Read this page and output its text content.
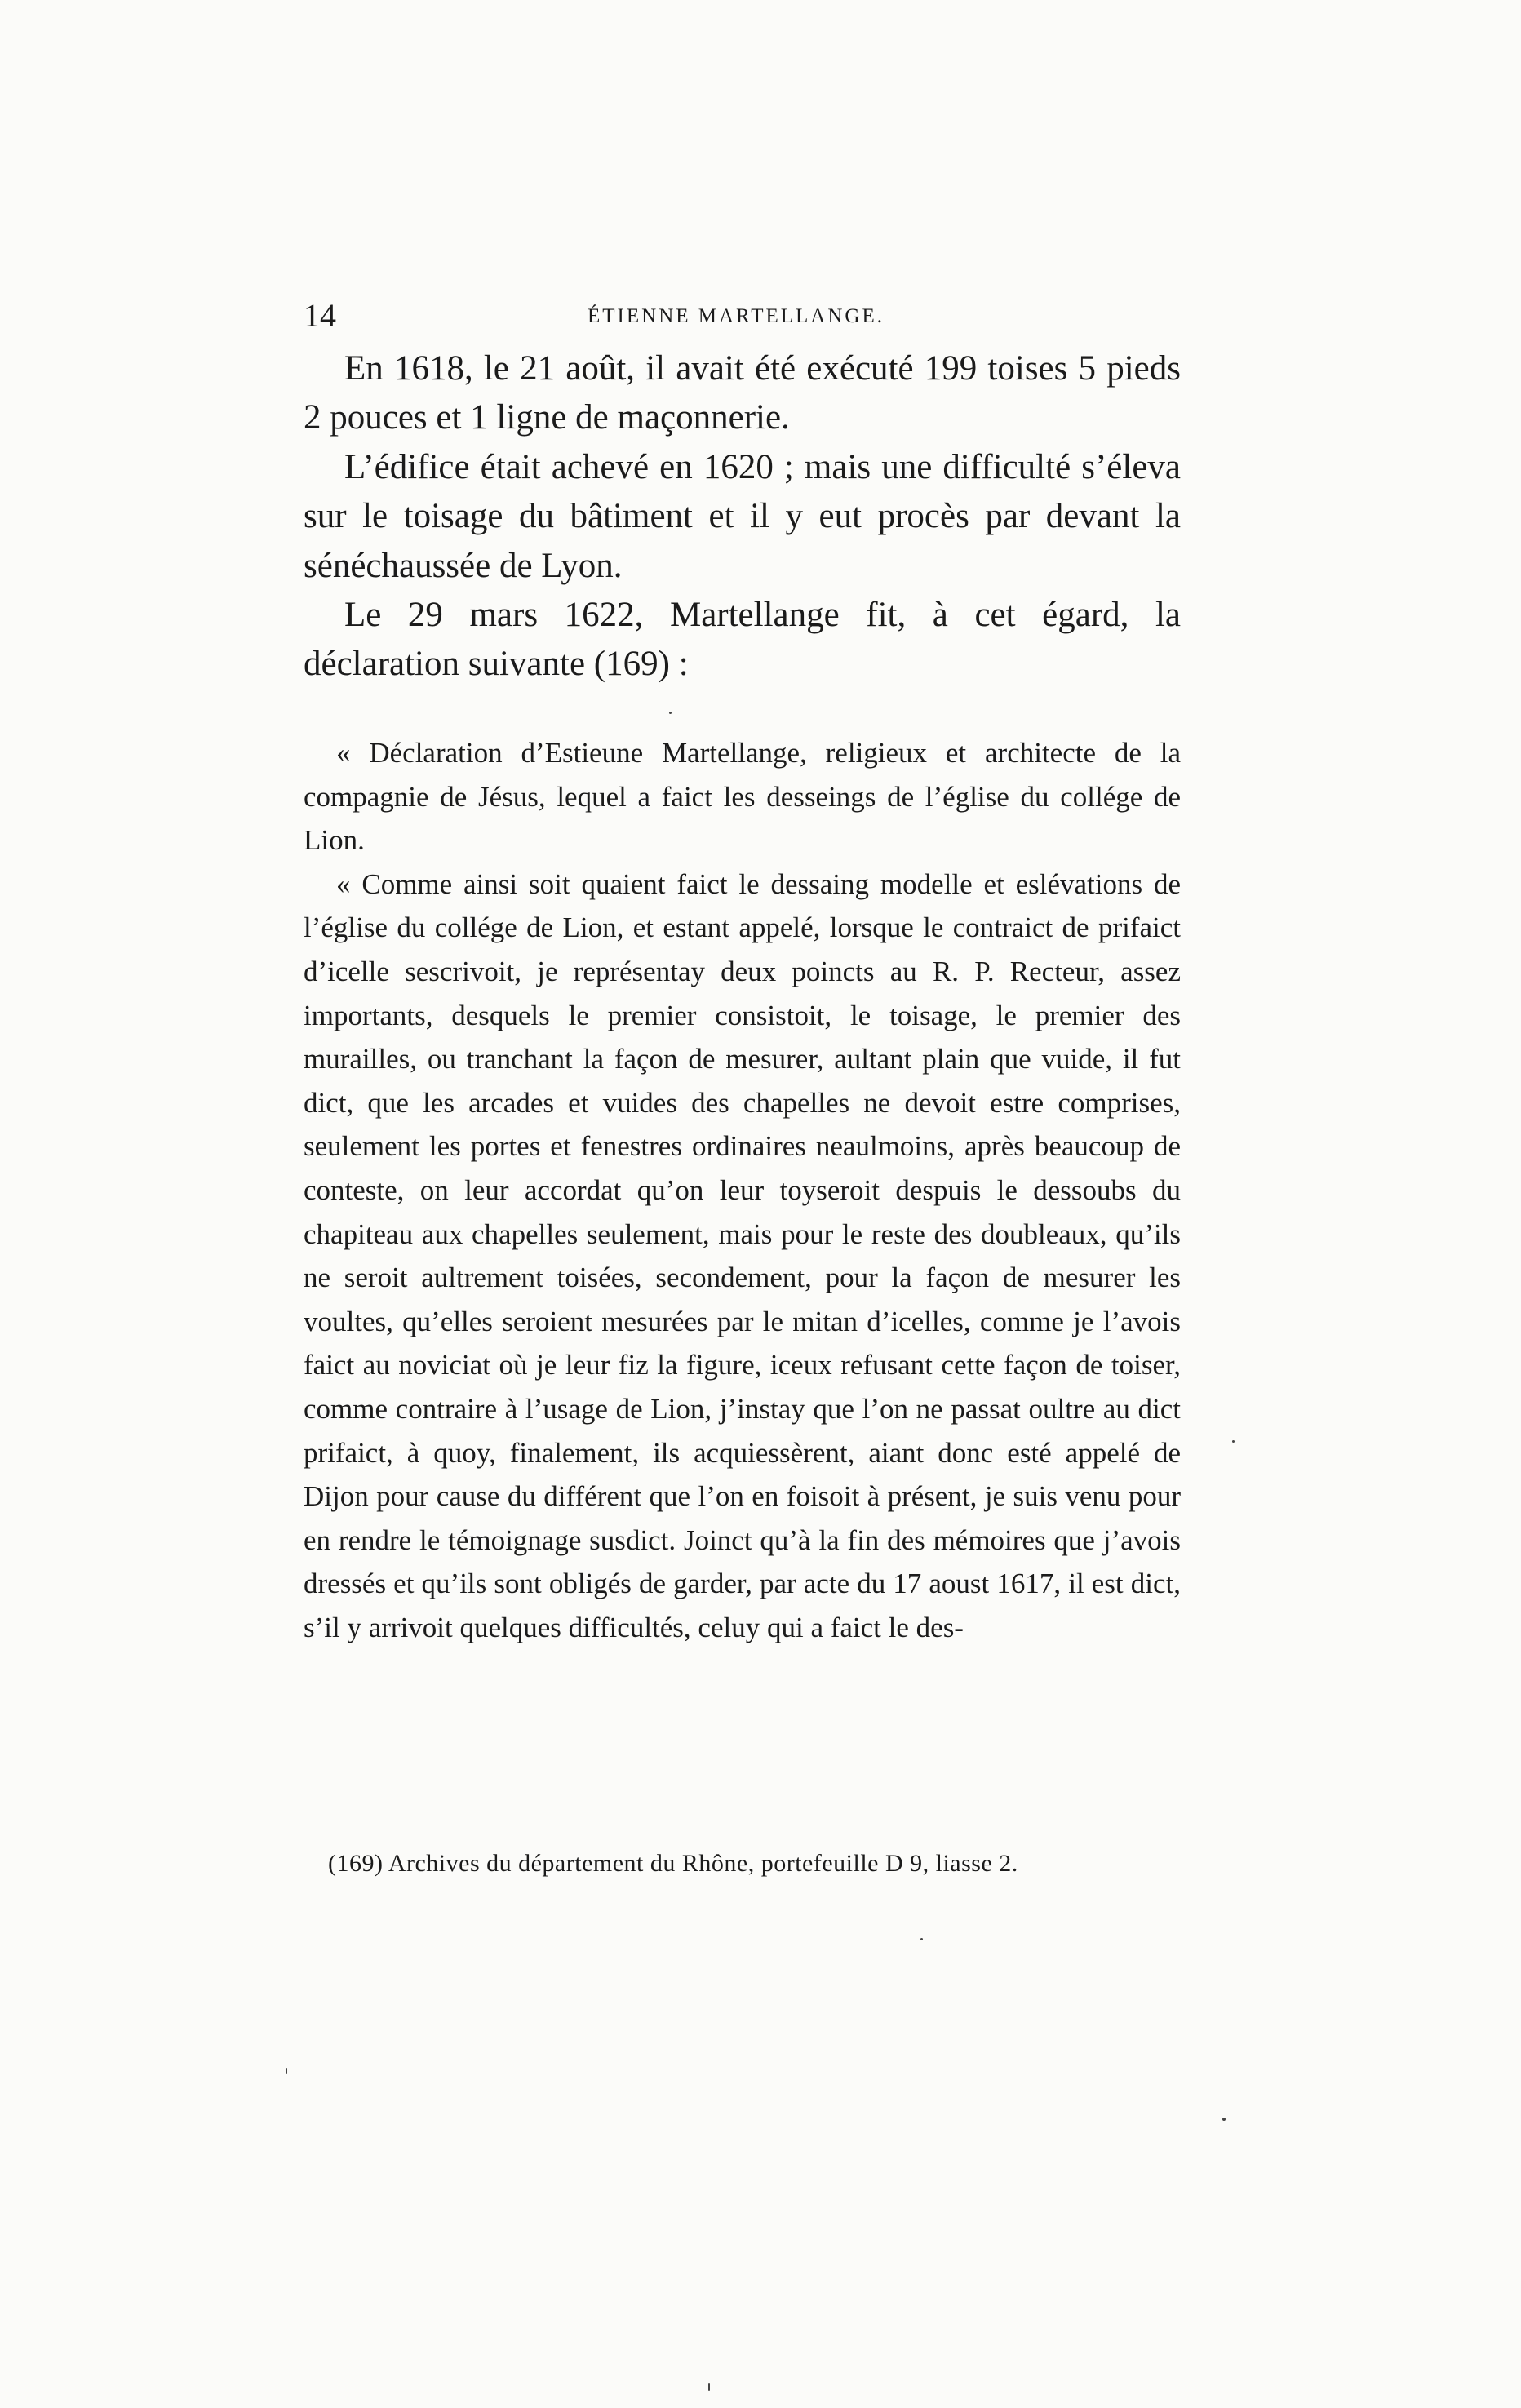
14	ÉTIENNE MARTELLANGE.

En 1618, le 21 août, il avait été exécuté 199 toises 5 pieds 2 pouces et 1 ligne de maçonnerie.

L’édifice était achevé en 1620 ; mais une difficulté s’éleva sur le toisage du bâtiment et il y eut procès par devant la sénéchaussée de Lyon.

Le 29 mars 1622, Martellange fit, à cet égard, la déclaration suivante (169) :

« Déclaration d’Estieune Martellange, religieux et architecte de la compagnie de Jésus, lequel a faict les desseings de l’église du collége de Lion.

« Comme ainsi soit quaient faict le dessaing modelle et eslévations de l’église du collége de Lion, et estant appelé, lorsque le contraict de prifaict d’icelle sescrivoit, je représentay deux poincts au R. P. Recteur, assez importants, desquels le premier consistoit, le toisage, le premier des murailles, ou tranchant la façon de mesurer, aultant plain que vuide, il fut dict, que les arcades et vuides des chapelles ne devoit estre comprises, seulement les portes et fenestres ordinaires neaulmoins, après beaucoup de conteste, on leur accordat qu’on leur toyseroit despuis le dessoubs du chapiteau aux chapelles seulement, mais pour le reste des doubleaux, qu’ils ne seroit aultrement toisées, secondement, pour la façon de mesurer les voultes, qu’elles seroient mesurées par le mitan d’icelles, comme je l’avois faict au noviciat où je leur fiz la figure, iceux refusant cette façon de toiser, comme contraire à l’usage de Lion, j’instay que l’on ne passat oultre au dict prifaict, à quoy, finalement, ils acquiessèrent, aiant donc esté appelé de Dijon pour cause du différent que l’on en foisoit à présent, je suis venu pour en rendre le témoignage susdict. Joinct qu’à la fin des mémoires que j’avois dressés et qu’ils sont obligés de garder, par acte du 17 aoust 1617, il est dict, s’il y arrivoit quelques difficultés, celuy qui a faict le des-

(169) Archives du département du Rhône, portefeuille D 9, liasse 2.
